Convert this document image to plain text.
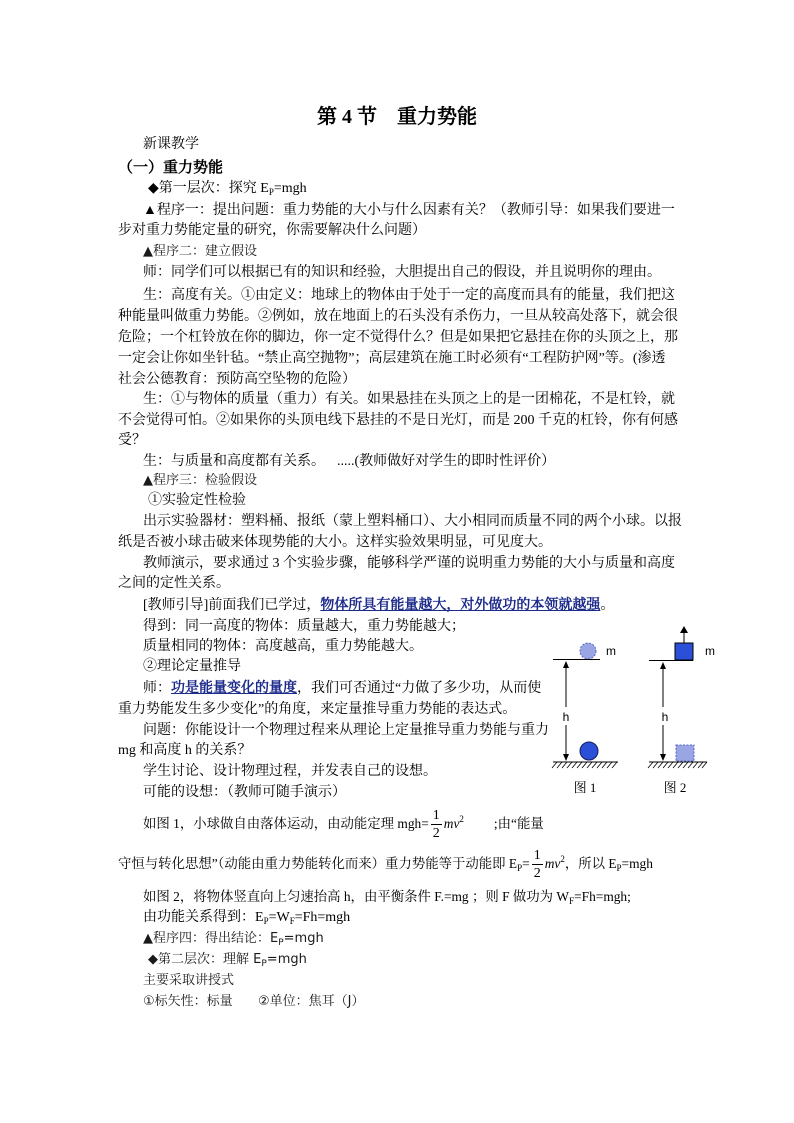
第 4 节　重力势能
新课教学
（一）重力势能
◆第一层次：探究 $E_P=mgh$
▲程序一：提出问题：重力势能的大小与什么因素有关？（教师引导：如果我们要进一
步对重力势能定量的研究，你需要解决什么问题）
▲程序二：建立假设
师：同学们可以根据已有的知识和经验，大胆提出自己的假设，并且说明你的理由。
生：高度有关。①由定义：地球上的物体由于处于一定的高度而具有的能量，我们把这
种能量叫做重力势能。②例如，放在地面上的石头没有杀伤力，一旦从较高处落下，就会很
危险；一个杠铃放在你的脚边，你一定不觉得什么？但是如果把它悬挂在你的头顶之上，那
一定会让你如坐针毡。“禁止高空抛物”；高层建筑在施工时必须有“工程防护网”等。(渗透
社会公德教育：预防高空坠物的危险）
生：①与物体的质量（重力）有关。如果悬挂在头顶之上的是一团棉花，不是杠铃，就
不会觉得可怕。②如果你的头顶电线下悬挂的不是日光灯，而是 200 千克的杠铃，你有何感
受？
生：与质量和高度都有关系。 .....(教师做好对学生的即时性评价）
▲程序三：检验假设
①实验定性检验
出示实验器材：塑料桶、报纸（蒙上塑料桶口）、大小相同而质量不同的两个小球。以报
纸是否被小球击破来体现势能的大小。这样实验效果明显，可见度大。
教师演示，要求通过 3 个实验步骤，能够科学严谨的说明重力势能的大小与质量和高度
之间的定性关系。
[教师引导]前面我们已学过，物体所具有能量越大，对外做功的本领就越强。
得到：同一高度的物体：质量越大，重力势能越大；
质量相同的物体：高度越高，重力势能越大。
②理论定量推导
师：功是能量变化的量度，我们可否通过“力做了多少功，从而使
重力势能发生多少变化”的角度，来定量推导重力势能的表达式。
问题：你能设计一个物理过程来从理论上定量推导重力势能与重力
mg 和高度 h 的关系？
学生讨论、设计物理过程，并发表自己的设想。
可能的设想：（教师可随手演示）
如图 1，小球做自由落体运动，由动能定理 $mgh= \frac{1}{2} mv^2$ ;由“能量
守恒与转化思想”（动能由重力势能转化而来）重力势能等于动能即 $E_P= \frac{1}{2} mv^2$，所以 $E_P=mgh$
如图 2，将物体竖直向上匀速抬高 h，由平衡条件 F.=mg ；则 F 做功为 $W_F=Fh=mgh$;
由功能关系得到：$E_P=W_F=Fh=mgh$
▲程序四：得出结论：$E_P=mgh$
◆第二层次：理解 $E_P=mgh$
主要采取讲授式
①标矢性：标量 ②单位：焦耳（J）
m
h
图 1
m
h
图 2
